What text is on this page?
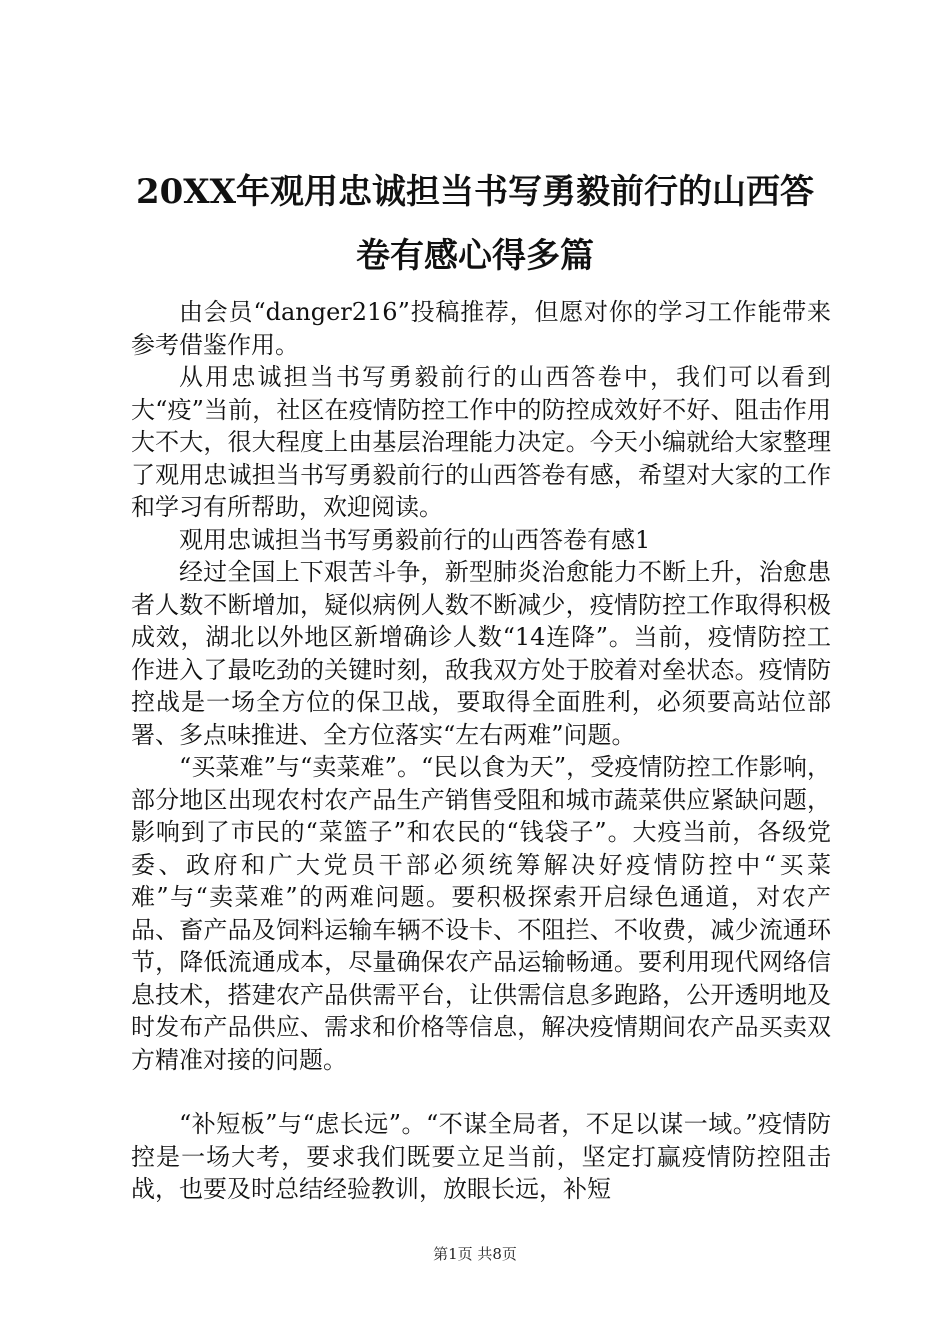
20XX年观用忠诚担当书写勇毅前行的山西答卷有感心得多篇

由会员“danger216”投稿推荐，但愿对你的学习工作能带来参考借鉴作用。

从用忠诚担当书写勇毅前行的山西答卷中，我们可以看到大“疫”当前，社区在疫情防控工作中的防控成效好不好、阻击作用大不大，很大程度上由基层治理能力决定。今天小编就给大家整理了观用忠诚担当书写勇毅前行的山西答卷有感，希望对大家的工作和学习有所帮助，欢迎阅读。

观用忠诚担当书写勇毅前行的山西答卷有感1

经过全国上下艰苦斗争，新型肺炎治愈能力不断上升，治愈患者人数不断增加，疑似病例人数不断减少，疫情防控工作取得积极成效，湖北以外地区新增确诊人数“14连降”。当前，疫情防控工作进入了最吃劲的关键时刻，敌我双方处于胶着对垒状态。疫情防控战是一场全方位的保卫战，要取得全面胜利，必须要高站位部署、多点味推进、全方位落实“左右两难”问题。

“买菜难”与“卖菜难”。“民以食为天”，受疫情防控工作影响，部分地区出现农村农产品生产销售受阻和城市蔬菜供应紧缺问题，影响到了市民的“菜篮子”和农民的“钱袋子”。大疫当前，各级党委、政府和广大党员干部必须统筹解决好疫情防控中“买菜难”与“卖菜难”的两难问题。要积极探索开启绿色通道，对农产品、畜产品及饲料运输车辆不设卡、不阻拦、不收费，减少流通环节，降低流通成本，尽量确保农产品运输畅通。要利用现代网络信息技术，搭建农产品供需平台，让供需信息多跑路，公开透明地及时发布产品供应、需求和价格等信息，解决疫情期间农产品买卖双方精准对接的问题。

“补短板”与“虑长远”。“不谋全局者，不足以谋一域。”疫情防控是一场大考，要求我们既要立足当前，坚定打赢疫情防控阻击战，也要及时总结经验教训，放眼长远，补短

第1页 共8页
